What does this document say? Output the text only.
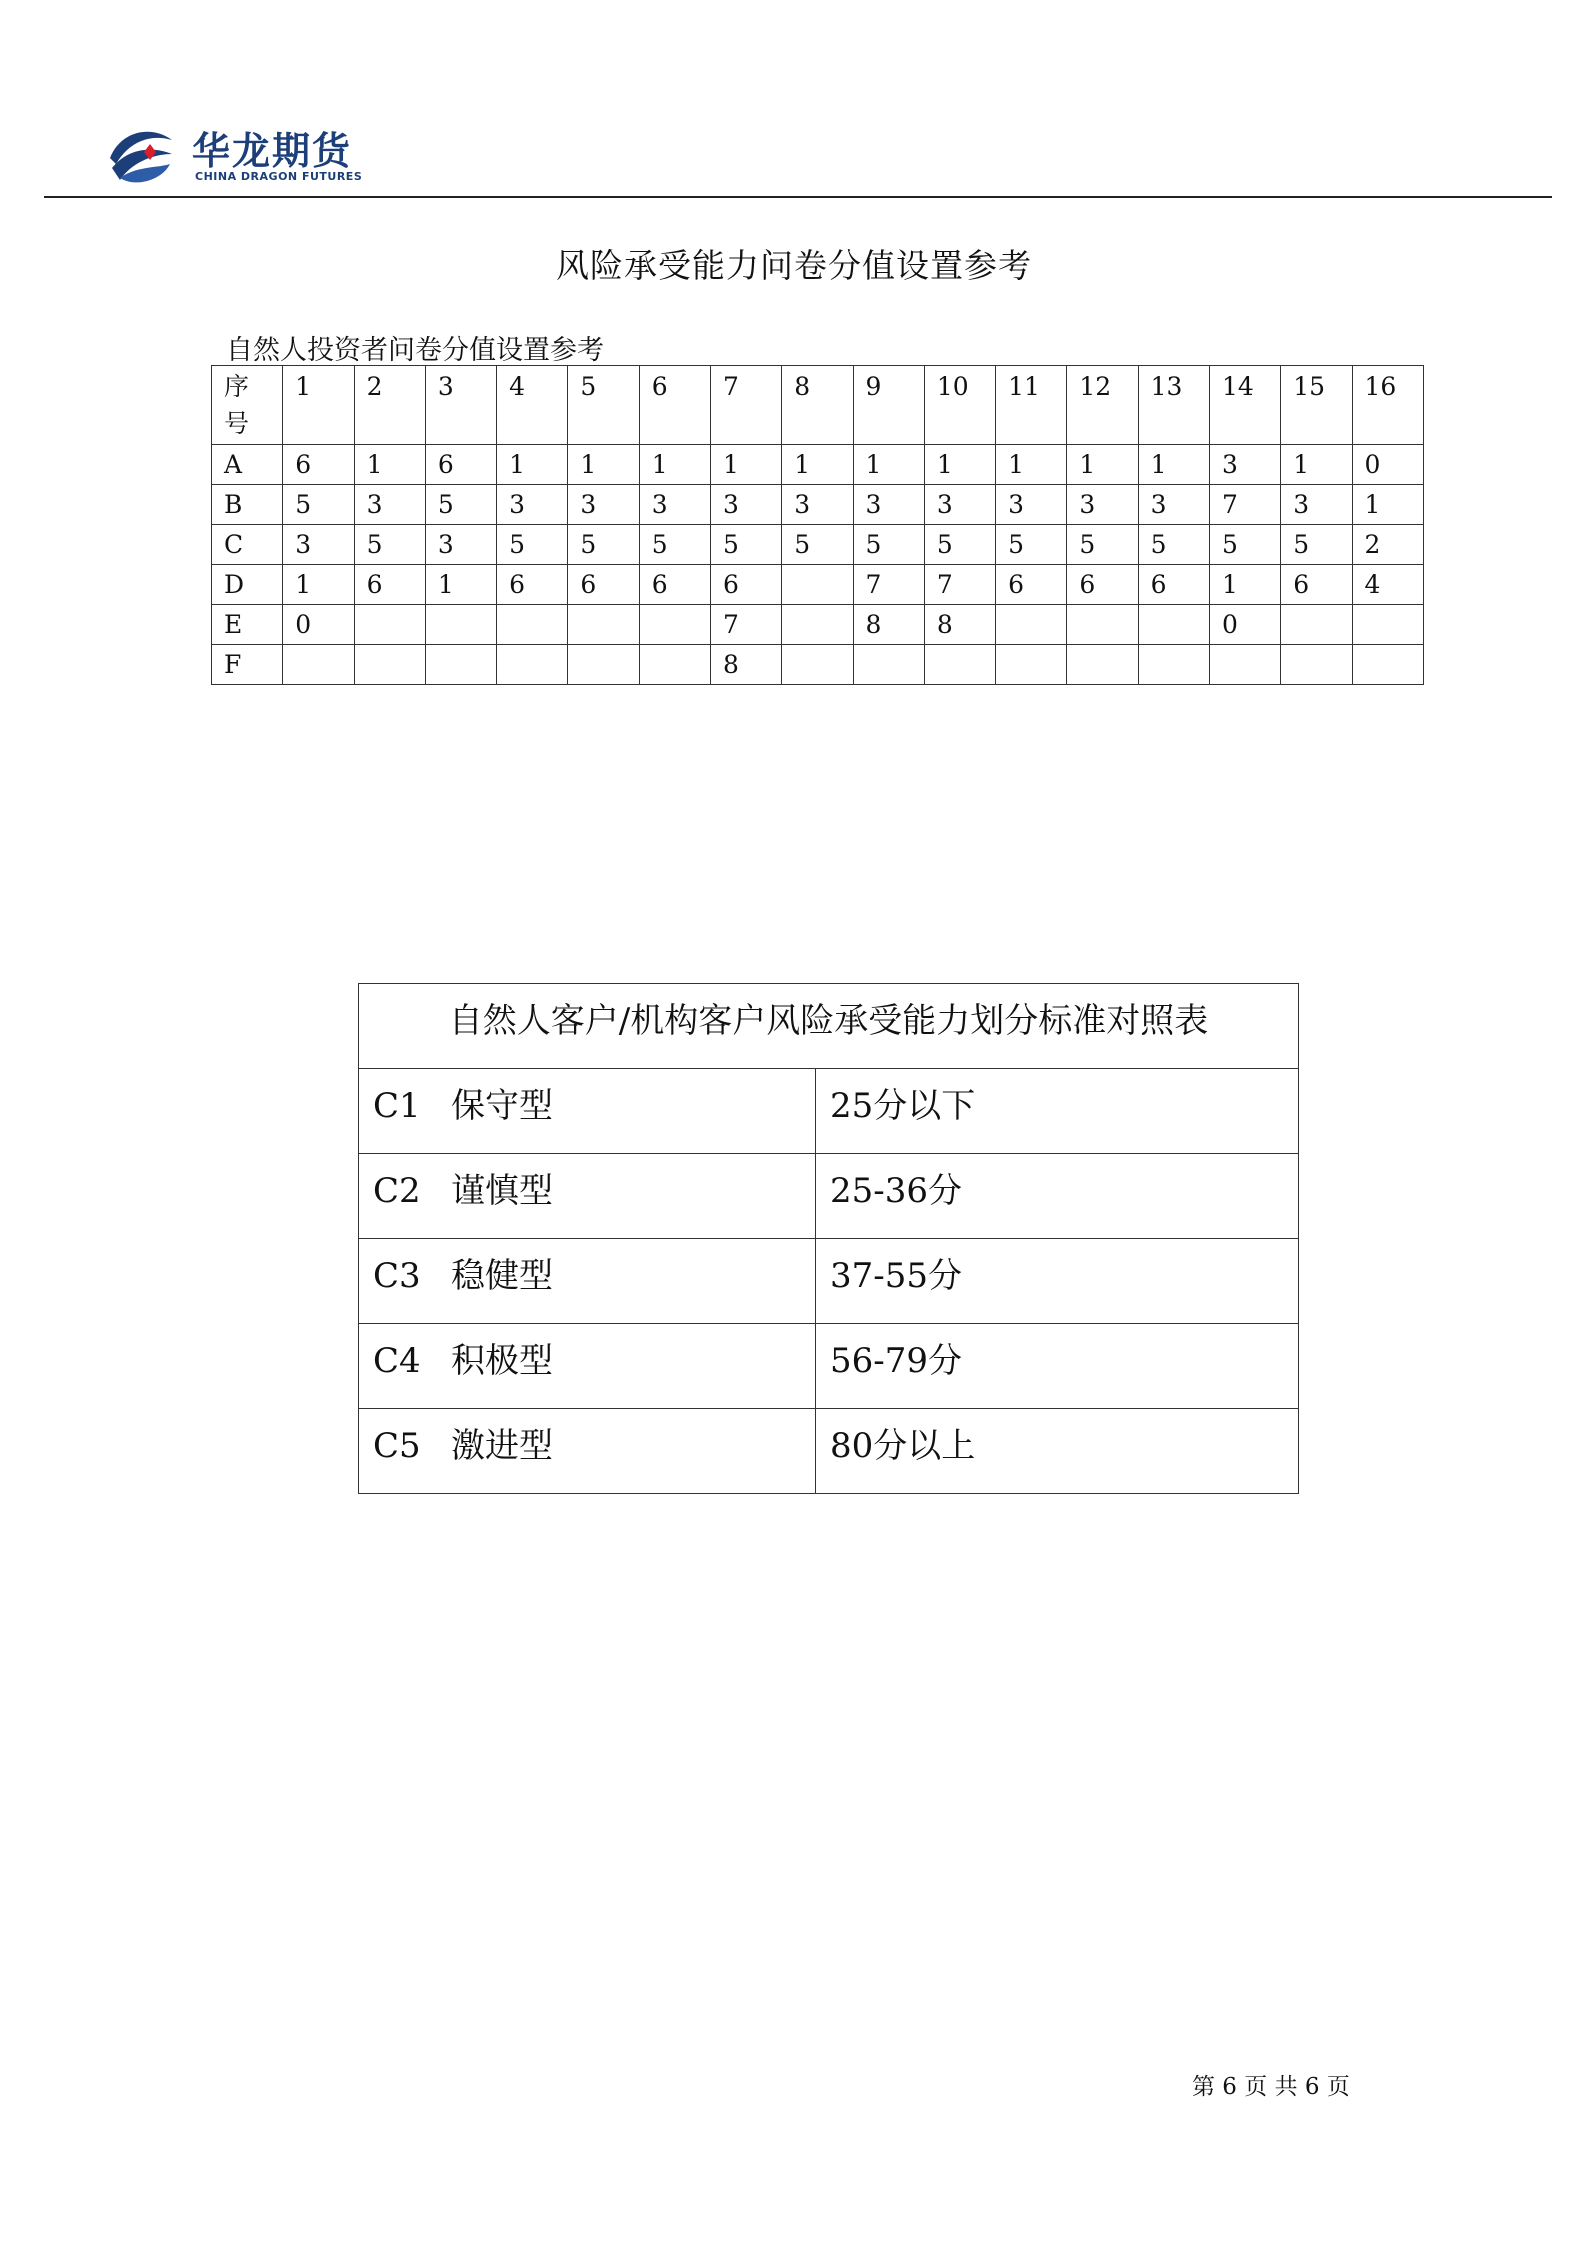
华龙期货
CHINA DRAGON FUTURES
风险承受能力问卷分值设置参考
自然人投资者问卷分值设置参考
序号	1	2	3	4	5	6	7	8	9	10	11	12	13	14	15	16
A	6	1	6	1	1	1	1	1	1	1	1	1	1	3	1	0
B	5	3	5	3	3	3	3	3	3	3	3	3	3	7	3	1
C	3	5	3	5	5	5	5	5	5	5	5	5	5	5	5	2
D	1	6	1	6	6	6	6		7	7	6	6	6	1	6	4
E	0						7		8	8				0		
F							8									
自然人客户/机构客户风险承受能力划分标准对照表	
C1 保守型	25分以下
C2 谨慎型	25-36分
C3 稳健型	37-55分
C4 积极型	56-79分
C5 激进型	80分以上
第 6 页 共 6 页
